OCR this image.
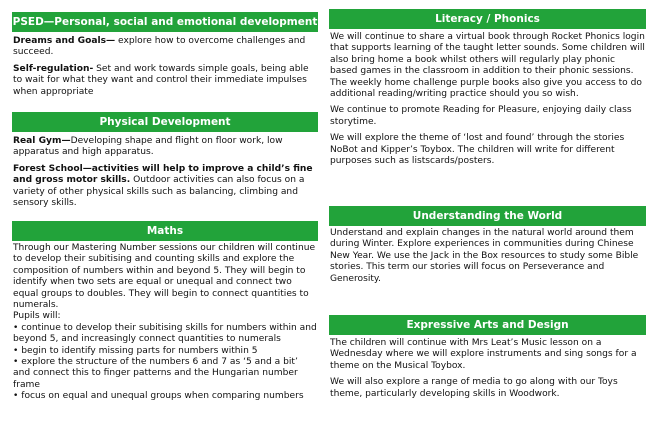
PSED—Personal, social and emotional development

Dreams and Goals— explore how to overcome challenges and succeed.

Self-regulation- Set and work towards simple goals, being able to wait for what they want and control their immediate impulses when appropriate

Physical Development

Real Gym—Developing shape and flight on floor work, low apparatus and high apparatus.

Forest School—activities will help to improve a child’s fine and gross motor skills. Outdoor activities can also focus on a variety of other physical skills such as balancing, climbing and sensory skills.

Maths
Through our Mastering Number sessions our children will continue to develop their subitising and counting skills and explore the composition of numbers within and beyond 5. They will begin to identify when two sets are equal or unequal and connect two equal groups to doubles. They will begin to connect quantities to numerals.
Pupils will:
• continue to develop their subitising skills for numbers within and beyond 5, and increasingly connect quantities to numerals
• begin to identify missing parts for numbers within 5
• explore the structure of the numbers 6 and 7 as ‘5 and a bit’ and connect this to finger patterns and the Hungarian number frame
• focus on equal and unequal groups when comparing numbers
Literacy / Phonics

We will continue to share a virtual book through Rocket Phonics login that supports learning of the taught letter sounds. Some children will also bring home a book whilst others will regularly play phonic based games in the classroom in addition to their phonic sessions. The weekly home challenge purple books also give you access to do additional reading/writing practice should you so wish.

We continue to promote Reading for Pleasure, enjoying daily class storytime.

We will explore the theme of ‘lost and found’ through the stories NoBot and Kipper’s Toybox. The children will write for different purposes such as listscards/posters.

Understanding the World

Understand and explain changes in the natural world around them during Winter. Explore experiences in communities during Chinese New Year. We use the Jack in the Box resources to study some Bible stories. This term our stories will focus on Perseverance and Generosity.

Expressive Arts and Design

The children will continue with Mrs Leat’s Music lesson on a Wednesday where we will explore instruments and sing songs for a theme on the Musical Toybox.

We will also explore a range of media to go along with our Toys theme, particularly developing skills in Woodwork.
